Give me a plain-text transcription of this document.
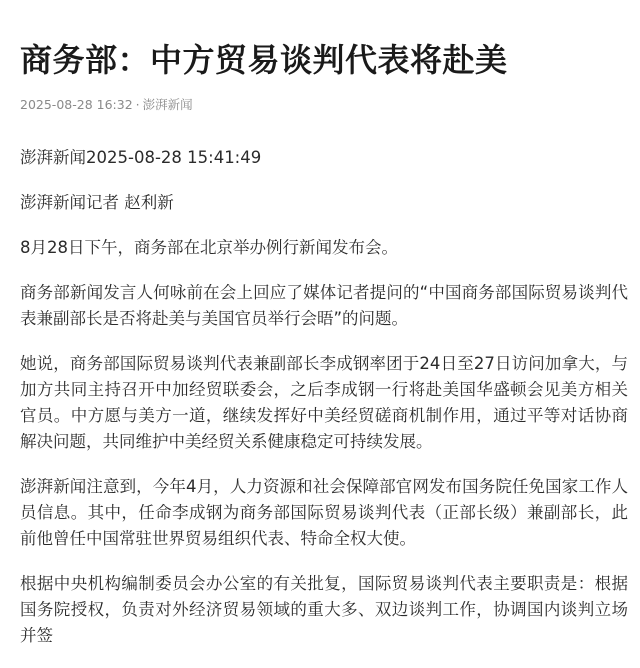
商务部：中方贸易谈判代表将赴美
2025-08-28 16:32 · 澎湃新闻

澎湃新闻2025-08-28 15:41:49

澎湃新闻记者 赵利新

8月28日下午，商务部在北京举办例行新闻发布会。

商务部新闻发言人何咏前在会上回应了媒体记者提问的“中国商务部国际贸易谈判代表兼副部长是否将赴美与美国官员举行会晤”的问题。

她说，商务部国际贸易谈判代表兼副部长李成钢率团于24日至27日访问加拿大，与加方共同主持召开中加经贸联委会，之后李成钢一行将赴美国华盛顿会见美方相关官员。中方愿与美方一道，继续发挥好中美经贸磋商机制作用，通过平等对话协商解决问题，共同维护中美经贸关系健康稳定可持续发展。

澎湃新闻注意到，今年4月，人力资源和社会保障部官网发布国务院任免国家工作人员信息。其中，任命李成钢为商务部国际贸易谈判代表（正部长级）兼副部长，此前他曾任中国常驻世界贸易组织代表、特命全权大使。

根据中央机构编制委员会办公室的有关批复，国际贸易谈判代表主要职责是：根据国务院授权，负责对外经济贸易领域的重大多、双边谈判工作，协调国内谈判立场并签
